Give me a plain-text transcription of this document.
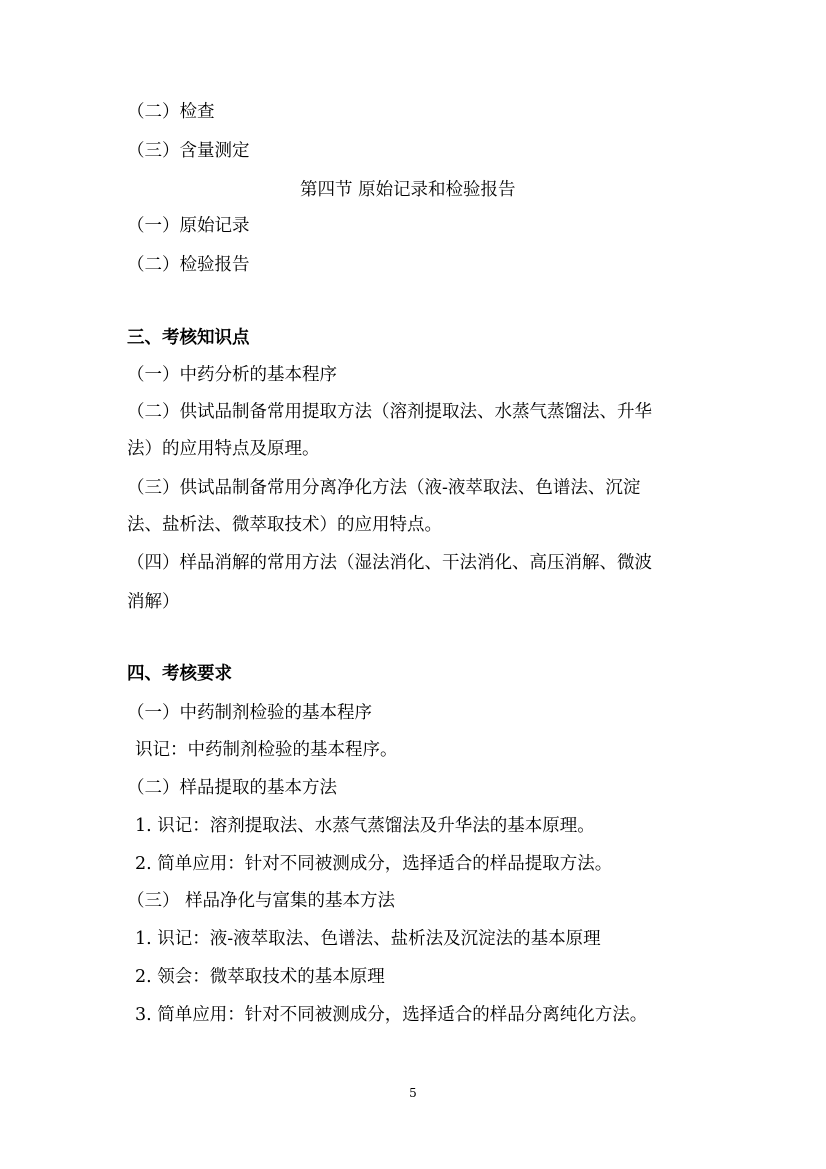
（二）检查
（三）含量测定
第四节 原始记录和检验报告
（一）原始记录
（二）检验报告
三、考核知识点
（一）中药分析的基本程序
（二）供试品制备常用提取方法（溶剂提取法、水蒸气蒸馏法、升华
法）的应用特点及原理。
（三）供试品制备常用分离净化方法（液-液萃取法、色谱法、沉淀
法、盐析法、微萃取技术）的应用特点。
（四）样品消解的常用方法（湿法消化、干法消化、高压消解、微波
消解）
四、考核要求
（一）中药制剂检验的基本程序
识记：中药制剂检验的基本程序。
（二）样品提取的基本方法
1. 识记：溶剂提取法、水蒸气蒸馏法及升华法的基本原理。
2. 简单应用：针对不同被测成分，选择适合的样品提取方法。
（三） 样品净化与富集的基本方法
1. 识记：液-液萃取法、色谱法、盐析法及沉淀法的基本原理
2. 领会：微萃取技术的基本原理
3. 简单应用：针对不同被测成分，选择适合的样品分离纯化方法。
5
